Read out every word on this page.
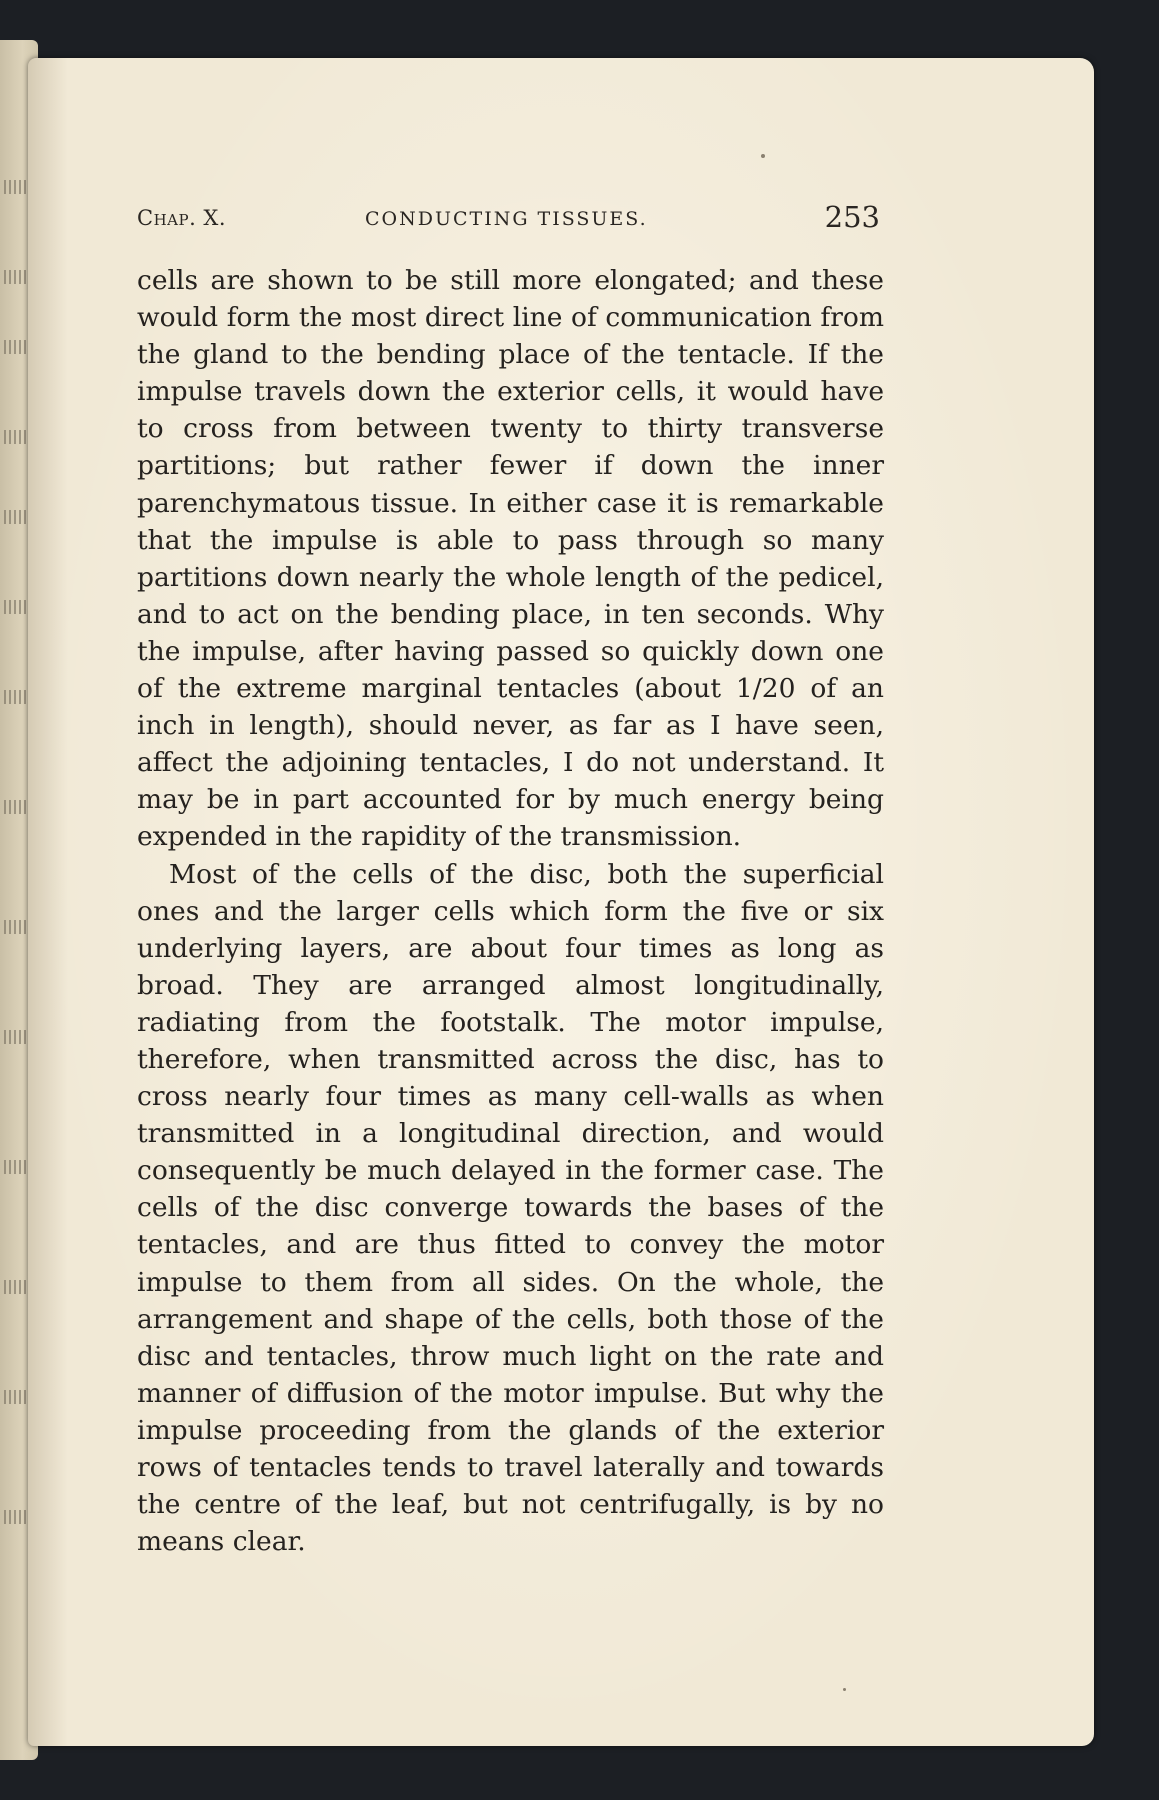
Chap. X.	CONDUCTING TISSUES.	253

cells are shown to be still more elongated; and these would form the most direct line of communication from the gland to the bending place of the tentacle. If the impulse travels down the exterior cells, it would have to cross from between twenty to thirty transverse partitions; but rather fewer if down the inner parenchymatous tissue. In either case it is remarkable that the impulse is able to pass through so many partitions down nearly the whole length of the pedicel, and to act on the bending place, in ten seconds. Why the impulse, after having passed so quickly down one of the extreme marginal tentacles (about 1/20 of an inch in length), should never, as far as I have seen, affect the adjoining tentacles, I do not understand. It may be in part accounted for by much energy being expended in the rapidity of the transmission.

Most of the cells of the disc, both the superficial ones and the larger cells which form the five or six underlying layers, are about four times as long as broad. They are arranged almost longitudinally, radiating from the footstalk. The motor impulse, therefore, when transmitted across the disc, has to cross nearly four times as many cell-walls as when transmitted in a longitudinal direction, and would consequently be much delayed in the former case. The cells of the disc converge towards the bases of the tentacles, and are thus fitted to convey the motor impulse to them from all sides. On the whole, the arrangement and shape of the cells, both those of the disc and tentacles, throw much light on the rate and manner of diffusion of the motor impulse. But why the impulse proceeding from the glands of the exterior rows of tentacles tends to travel laterally and towards the centre of the leaf, but not centrifugally, is by no means clear.
